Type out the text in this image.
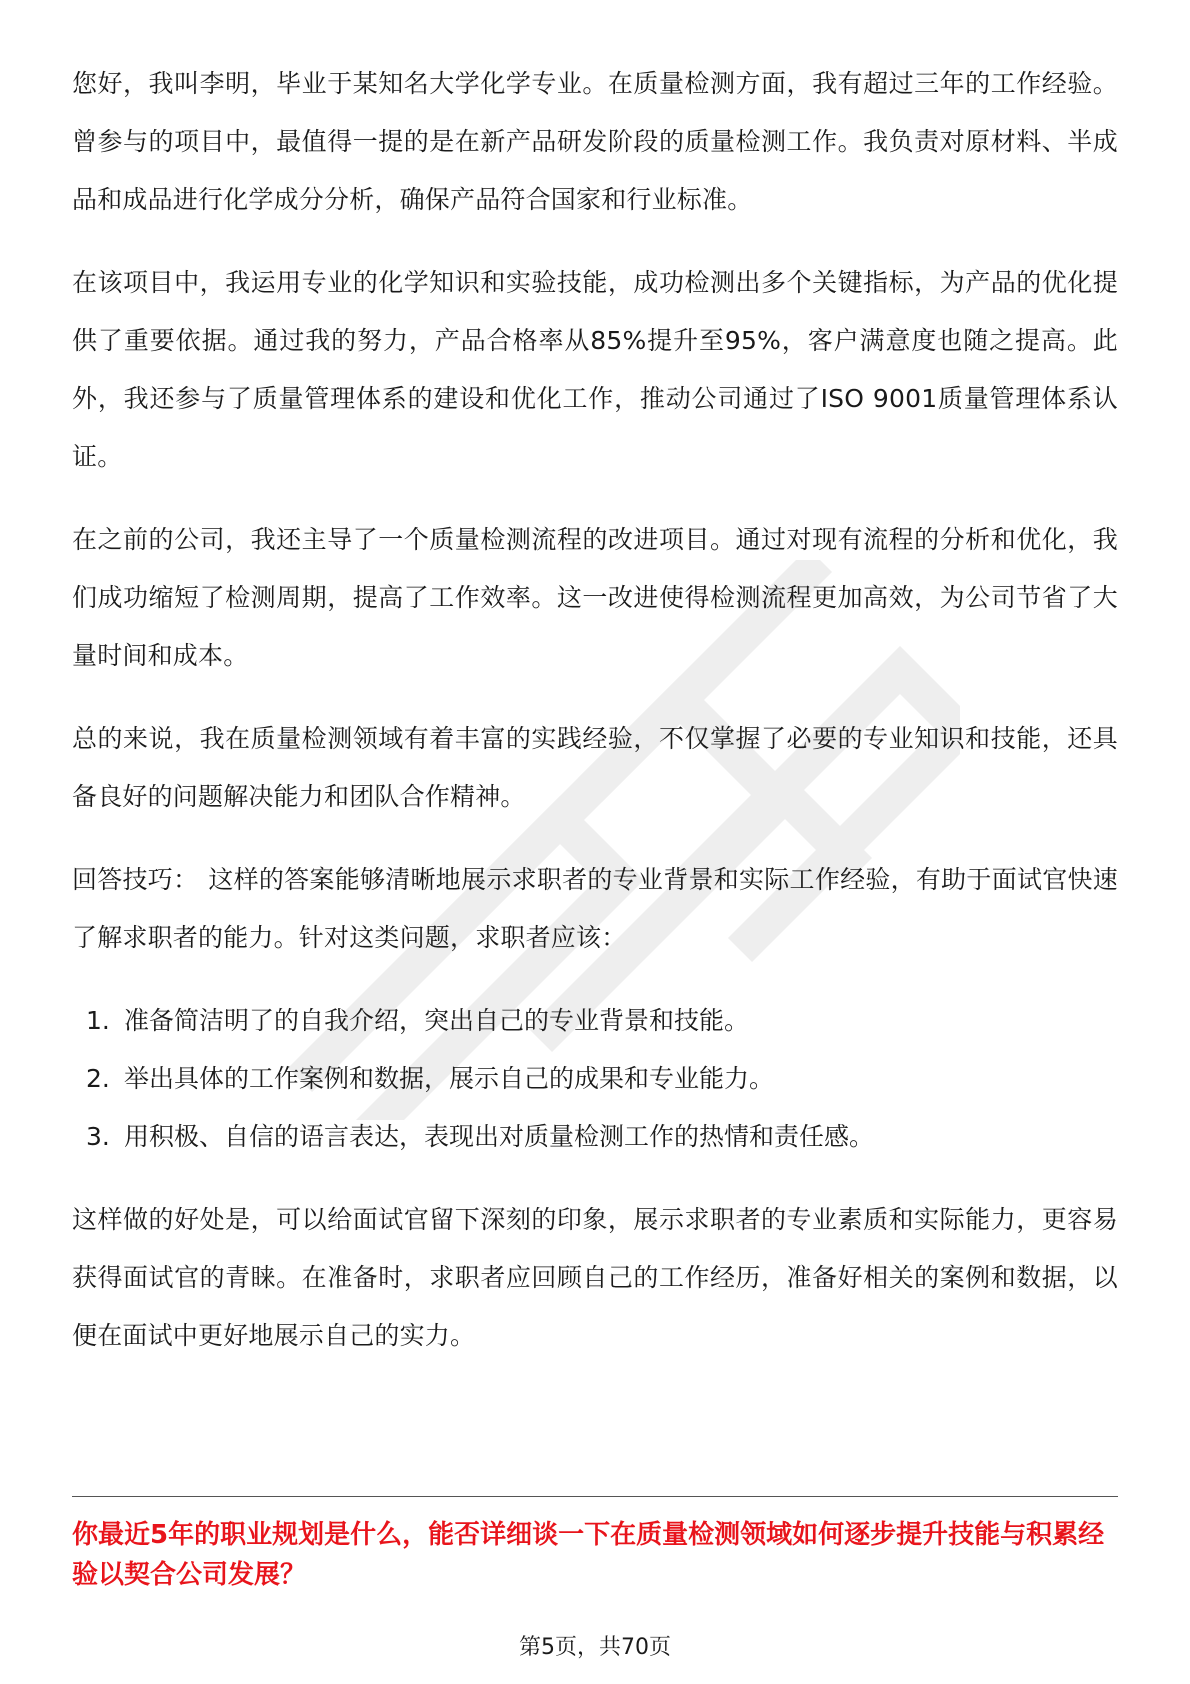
您好，我叫李明，毕业于某知名大学化学专业。在质量检测方面，我有超过三年的工作经验。曾参与的项目中，最值得一提的是在新产品研发阶段的质量检测工作。我负责对原材料、半成品和成品进行化学成分分析，确保产品符合国家和行业标准。

在该项目中，我运用专业的化学知识和实验技能，成功检测出多个关键指标，为产品的优化提供了重要依据。通过我的努力，产品合格率从85%提升至95%，客户满意度也随之提高。此外，我还参与了质量管理体系的建设和优化工作，推动公司通过了ISO 9001质量管理体系认证。

在之前的公司，我还主导了一个质量检测流程的改进项目。通过对现有流程的分析和优化，我们成功缩短了检测周期，提高了工作效率。这一改进使得检测流程更加高效，为公司节省了大量时间和成本。

总的来说，我在质量检测领域有着丰富的实践经验，不仅掌握了必要的专业知识和技能，还具备良好的问题解决能力和团队合作精神。

回答技巧： 这样的答案能够清晰地展示求职者的专业背景和实际工作经验，有助于面试官快速了解求职者的能力。针对这类问题，求职者应该：

1. 准备简洁明了的自我介绍，突出自己的专业背景和技能。
2. 举出具体的工作案例和数据，展示自己的成果和专业能力。
3. 用积极、自信的语言表达，表现出对质量检测工作的热情和责任感。

这样做的好处是，可以给面试官留下深刻的印象，展示求职者的专业素质和实际能力，更容易获得面试官的青睐。在准备时，求职者应回顾自己的工作经历，准备好相关的案例和数据，以便在面试中更好地展示自己的实力。

你最近5年的职业规划是什么，能否详细谈一下在质量检测领域如何逐步提升技能与积累经验以契合公司发展？

第5页，共70页
